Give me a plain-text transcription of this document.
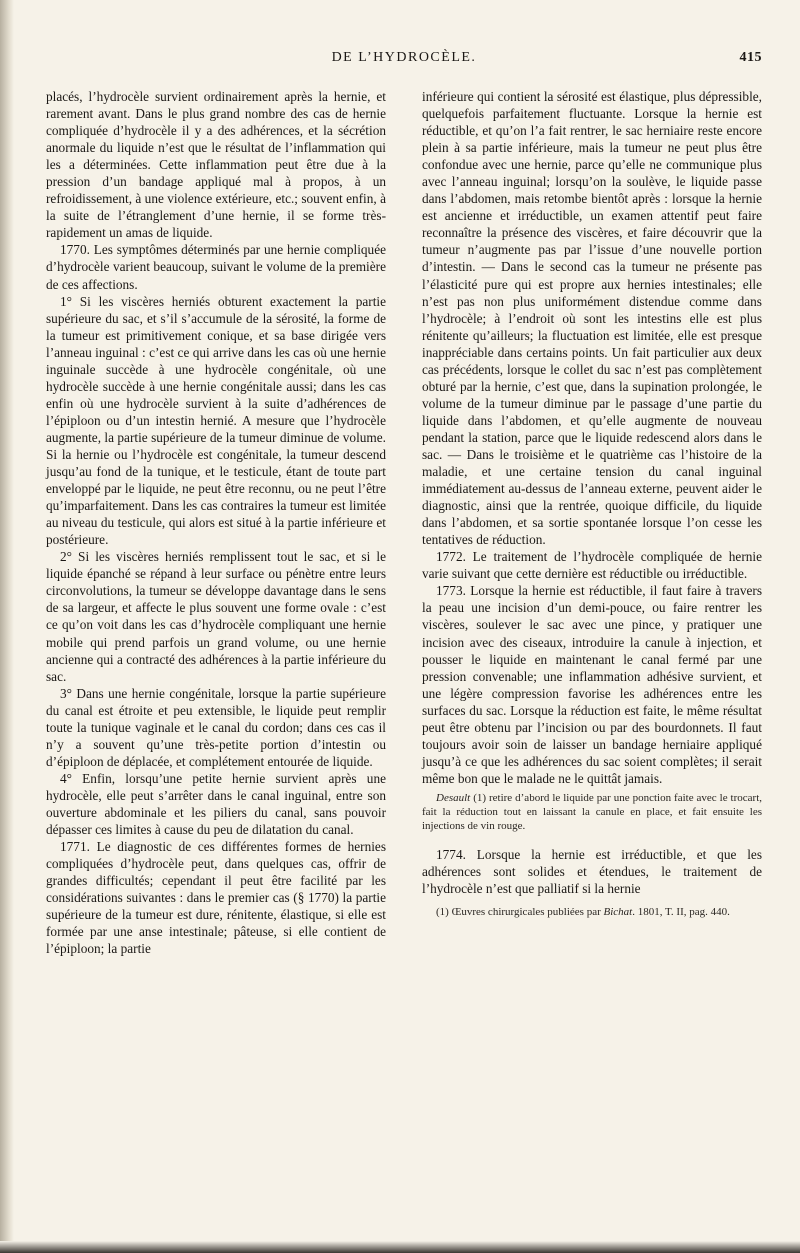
DE L’HYDROCÈLE.	415

placés, l’hydrocèle survient ordinairement après la hernie, et rarement avant. Dans le plus grand nombre des cas de hernie compliquée d’hydrocèle il y a des adhérences, et la sécrétion anormale du liquide n’est que le résultat de l’inflammation qui les a déterminées. Cette inflammation peut être due à la pression d’un bandage appliqué mal à propos, à un refroidissement, à une violence extérieure, etc.; souvent enfin, à la suite de l’étranglement d’une hernie, il se forme très-rapidement un amas de liquide.

1770. Les symptômes déterminés par une hernie compliquée d’hydrocèle varient beaucoup, suivant le volume de la première de ces affections.

1° Si les viscères herniés obturent exactement la partie supérieure du sac, et s’il s’accumule de la sérosité, la forme de la tumeur est primitivement conique, et sa base dirigée vers l’anneau inguinal : c’est ce qui arrive dans les cas où une hernie inguinale succède à une hydrocèle congénitale, où une hydrocèle succède à une hernie congénitale aussi; dans les cas enfin où une hydrocèle survient à la suite d’adhérences de l’épiploon ou d’un intestin hernié. A mesure que l’hydrocèle augmente, la partie supérieure de la tumeur diminue de volume. Si la hernie ou l’hydrocèle est congénitale, la tumeur descend jusqu’au fond de la tunique, et le testicule, étant de toute part enveloppé par le liquide, ne peut être reconnu, ou ne peut l’être qu’imparfaitement. Dans les cas contraires la tumeur est limitée au niveau du testicule, qui alors est situé à la partie inférieure et postérieure.

2° Si les viscères herniés remplissent tout le sac, et si le liquide épanché se répand à leur surface ou pénètre entre leurs circonvolutions, la tumeur se développe davantage dans le sens de sa largeur, et affecte le plus souvent une forme ovale : c’est ce qu’on voit dans les cas d’hydrocèle compliquant une hernie mobile qui prend parfois un grand volume, ou une hernie ancienne qui a contracté des adhérences à la partie inférieure du sac.

3° Dans une hernie congénitale, lorsque la partie supérieure du canal est étroite et peu extensible, le liquide peut remplir toute la tunique vaginale et le canal du cordon; dans ces cas il n’y a souvent qu’une très-petite portion d’intestin ou d’épiploon de déplacée, et complétement entourée de liquide.

4° Enfin, lorsqu’une petite hernie survient après une hydrocèle, elle peut s’arrêter dans le canal inguinal, entre son ouverture abdominale et les piliers du canal, sans pouvoir dépasser ces limites à cause du peu de dilatation du canal.

1771. Le diagnostic de ces différentes formes de hernies compliquées d’hydrocèle peut, dans quelques cas, offrir de grandes difficultés; cependant il peut être facilité par les considérations suivantes : dans le premier cas (§ 1770) la partie supérieure de la tumeur est dure, rénitente, élastique, si elle est formée par une anse intestinale; pâteuse, si elle contient de l’épiploon; la partie

inférieure qui contient la sérosité est élastique, plus dépressible, quelquefois parfaitement fluctuante. Lorsque la hernie est réductible, et qu’on l’a fait rentrer, le sac herniaire reste encore plein à sa partie inférieure, mais la tumeur ne peut plus être confondue avec une hernie, parce qu’elle ne communique plus avec l’anneau inguinal; lorsqu’on la soulève, le liquide passe dans l’abdomen, mais retombe bientôt après : lorsque la hernie est ancienne et irréductible, un examen attentif peut faire reconnaître la présence des viscères, et faire découvrir que la tumeur n’augmente pas par l’issue d’une nouvelle portion d’intestin. — Dans le second cas la tumeur ne présente pas l’élasticité pure qui est propre aux hernies intestinales; elle n’est pas non plus uniformément distendue comme dans l’hydrocèle; à l’endroit où sont les intestins elle est plus rénitente qu’ailleurs; la fluctuation est limitée, elle est presque inappréciable dans certains points. Un fait particulier aux deux cas précédents, lorsque le collet du sac n’est pas complètement obturé par la hernie, c’est que, dans la supination prolongée, le volume de la tumeur diminue par le passage d’une partie du liquide dans l’abdomen, et qu’elle augmente de nouveau pendant la station, parce que le liquide redescend alors dans le sac. — Dans le troisième et le quatrième cas l’histoire de la maladie, et une certaine tension du canal inguinal immédiatement au-dessus de l’anneau externe, peuvent aider le diagnostic, ainsi que la rentrée, quoique difficile, du liquide dans l’abdomen, et sa sortie spontanée lorsque l’on cesse les tentatives de réduction.

1772. Le traitement de l’hydrocèle compliquée de hernie varie suivant que cette dernière est réductible ou irréductible.

1773. Lorsque la hernie est réductible, il faut faire à travers la peau une incision d’un demi-pouce, ou faire rentrer les viscères, soulever le sac avec une pince, y pratiquer une incision avec des ciseaux, introduire la canule à injection, et pousser le liquide en maintenant le canal fermé par une pression convenable; une inflammation adhésive survient, et une légère compression favorise les adhérences entre les surfaces du sac. Lorsque la réduction est faite, le même résultat peut être obtenu par l’incision ou par des bourdonnets. Il faut toujours avoir soin de laisser un bandage herniaire appliqué jusqu’à ce que les adhérences du sac soient complètes; il serait même bon que le malade ne le quittât jamais.

Desault (1) retire d’abord le liquide par une ponction faite avec le trocart, fait la réduction tout en laissant la canule en place, et fait ensuite les injections de vin rouge.

1774. Lorsque la hernie est irréductible, et que les adhérences sont solides et étendues, le traitement de l’hydrocèle n’est que palliatif si la hernie

(1) Œuvres chirurgicales publiées par Bichat. 1801, T. II, pag. 440.
